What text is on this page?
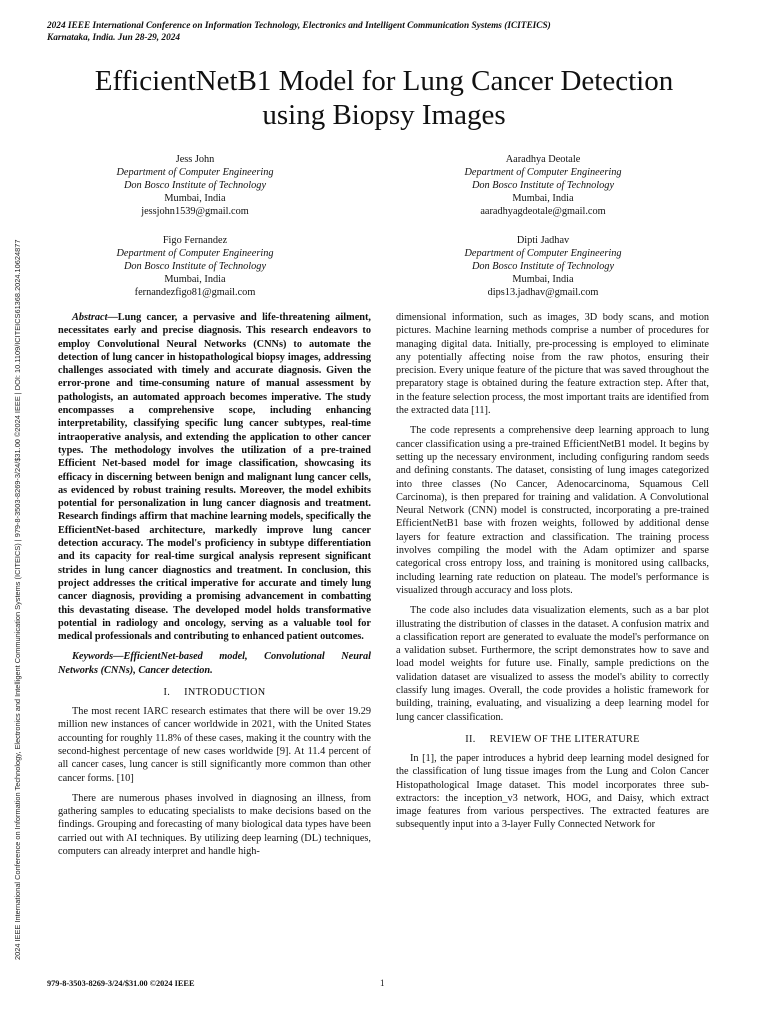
2024 IEEE International Conference on Information Technology, Electronics and Intelligent Communication Systems (ICITEICS)
Karnataka, India. Jun 28-29, 2024
2024 IEEE International Conference on Information Technology, Electronics and Intelligent Communication Systems (ICITEICS) | 979-8-3503-8269-3/24/$31.00 ©2024 IEEE | DOI: 10.1109/ICITEICS61368.2024.10624877
EfficientNetB1 Model for Lung Cancer Detection
using Biopsy Images
Jess John
Department of Computer Engineering
Don Bosco Institute of Technology
Mumbai, India
jessjohn1539@gmail.com
Aaradhya Deotale
Department of Computer Engineering
Don Bosco Institute of Technology
Mumbai, India
aaradhyagdeotale@gmail.com
Figo Fernandez
Department of Computer Engineering
Don Bosco Institute of Technology
Mumbai, India
fernandezfigo81@gmail.com
Dipti Jadhav
Department of Computer Engineering
Don Bosco Institute of Technology
Mumbai, India
dips13.jadhav@gmail.com

Abstract—Lung cancer, a pervasive and life-threatening ailment, necessitates early and precise diagnosis. This research endeavors to employ Convolutional Neural Networks (CNNs) to automate the detection of lung cancer in histopathological biopsy images, addressing challenges associated with timely and accurate diagnosis. Given the error-prone and time-consuming nature of manual assessment by pathologists, an automated approach becomes imperative. The study encompasses a comprehensive scope, including enhancing interpretability, classifying specific lung cancer subtypes, real-time intraoperative analysis, and extending the application to other cancer types. The methodology involves the utilization of a pre-trained Efficient Net-based model for image classification, showcasing its efficacy in discerning between benign and malignant lung cancer cells, as evidenced by robust training results. Moreover, the model exhibits potential for personalization in lung cancer diagnosis and treatment. Research findings affirm that machine learning models, specifically the EfficientNet-based architecture, markedly improve lung cancer detection accuracy. The model's proficiency in subtype differentiation and its capacity for real-time surgical analysis represent significant strides in lung cancer diagnostics and treatment. In conclusion, this project addresses the critical imperative for accurate and timely lung cancer diagnosis, providing a promising advancement in combatting this devastating disease. The developed model holds transformative potential in radiology and oncology, serving as a valuable tool for medical professionals and contributing to enhanced patient outcomes.

Keywords—EfficientNet-based model, Convolutional Neural Networks (CNNs), Cancer detection.

I. INTRODUCTION

The most recent IARC research estimates that there will be over 19.29 million new instances of cancer worldwide in 2021, with the United States accounting for roughly 11.8% of these cases, making it the country with the second-highest percentage of new cases worldwide [9]. At 11.4 percent of all cancer cases, lung cancer is still significantly more common than other cancer forms. [10]

There are numerous phases involved in diagnosing an illness, from gathering samples to educating specialists to make decisions based on the findings. Grouping and forecasting of many biological data types have been carried out with AI techniques. By utilizing deep learning (DL) techniques, computers can already interpret and handle high-

dimensional information, such as images, 3D body scans, and motion pictures. Machine learning methods comprise a number of procedures for managing digital data. Initially, pre-processing is employed to eliminate any potentially affecting noise from the raw photos, ensuring their precision. Every unique feature of the picture that was saved throughout the preparatory stage is obtained during the feature extraction step. After that, in the feature selection process, the most important traits are identified from the extracted data [11].

The code represents a comprehensive deep learning approach to lung cancer classification using a pre-trained EfficientNetB1 model. It begins by setting up the necessary environment, including configuring random seeds and defining constants. The dataset, consisting of lung images categorized into three classes (No Cancer, Adenocarcinoma, Squamous Cell Carcinoma), is then prepared for training and validation. A Convolutional Neural Network (CNN) model is constructed, incorporating a pre-trained EfficientNetB1 base with frozen weights, followed by additional dense layers for feature extraction and classification. The training process involves compiling the model with the Adam optimizer and sparse categorical cross entropy loss, and training is monitored using callbacks, including learning rate reduction on plateau. The model's performance is visualized through accuracy and loss plots.

The code also includes data visualization elements, such as a bar plot illustrating the distribution of classes in the dataset. A confusion matrix and a classification report are generated to evaluate the model's performance on a validation subset. Furthermore, the script demonstrates how to save and load model weights for future use. Finally, sample predictions on the validation dataset are visualized to assess the model's ability to correctly classify lung images. Overall, the code provides a holistic framework for building, training, evaluating, and visualizing a deep learning model for lung cancer classification.

II. REVIEW OF THE LITERATURE

In [1], the paper introduces a hybrid deep learning model designed for the classification of lung tissue images from the Lung and Colon Cancer Histopathological Image dataset. This model incorporates three sub-extractors: the inception_v3 network, HOG, and Daisy, which extract image features from various perspectives. The extracted features are subsequently input into a 3-layer Fully Connected Network for

979-8-3503-8269-3/24/$31.00 ©2024 IEEE	1
